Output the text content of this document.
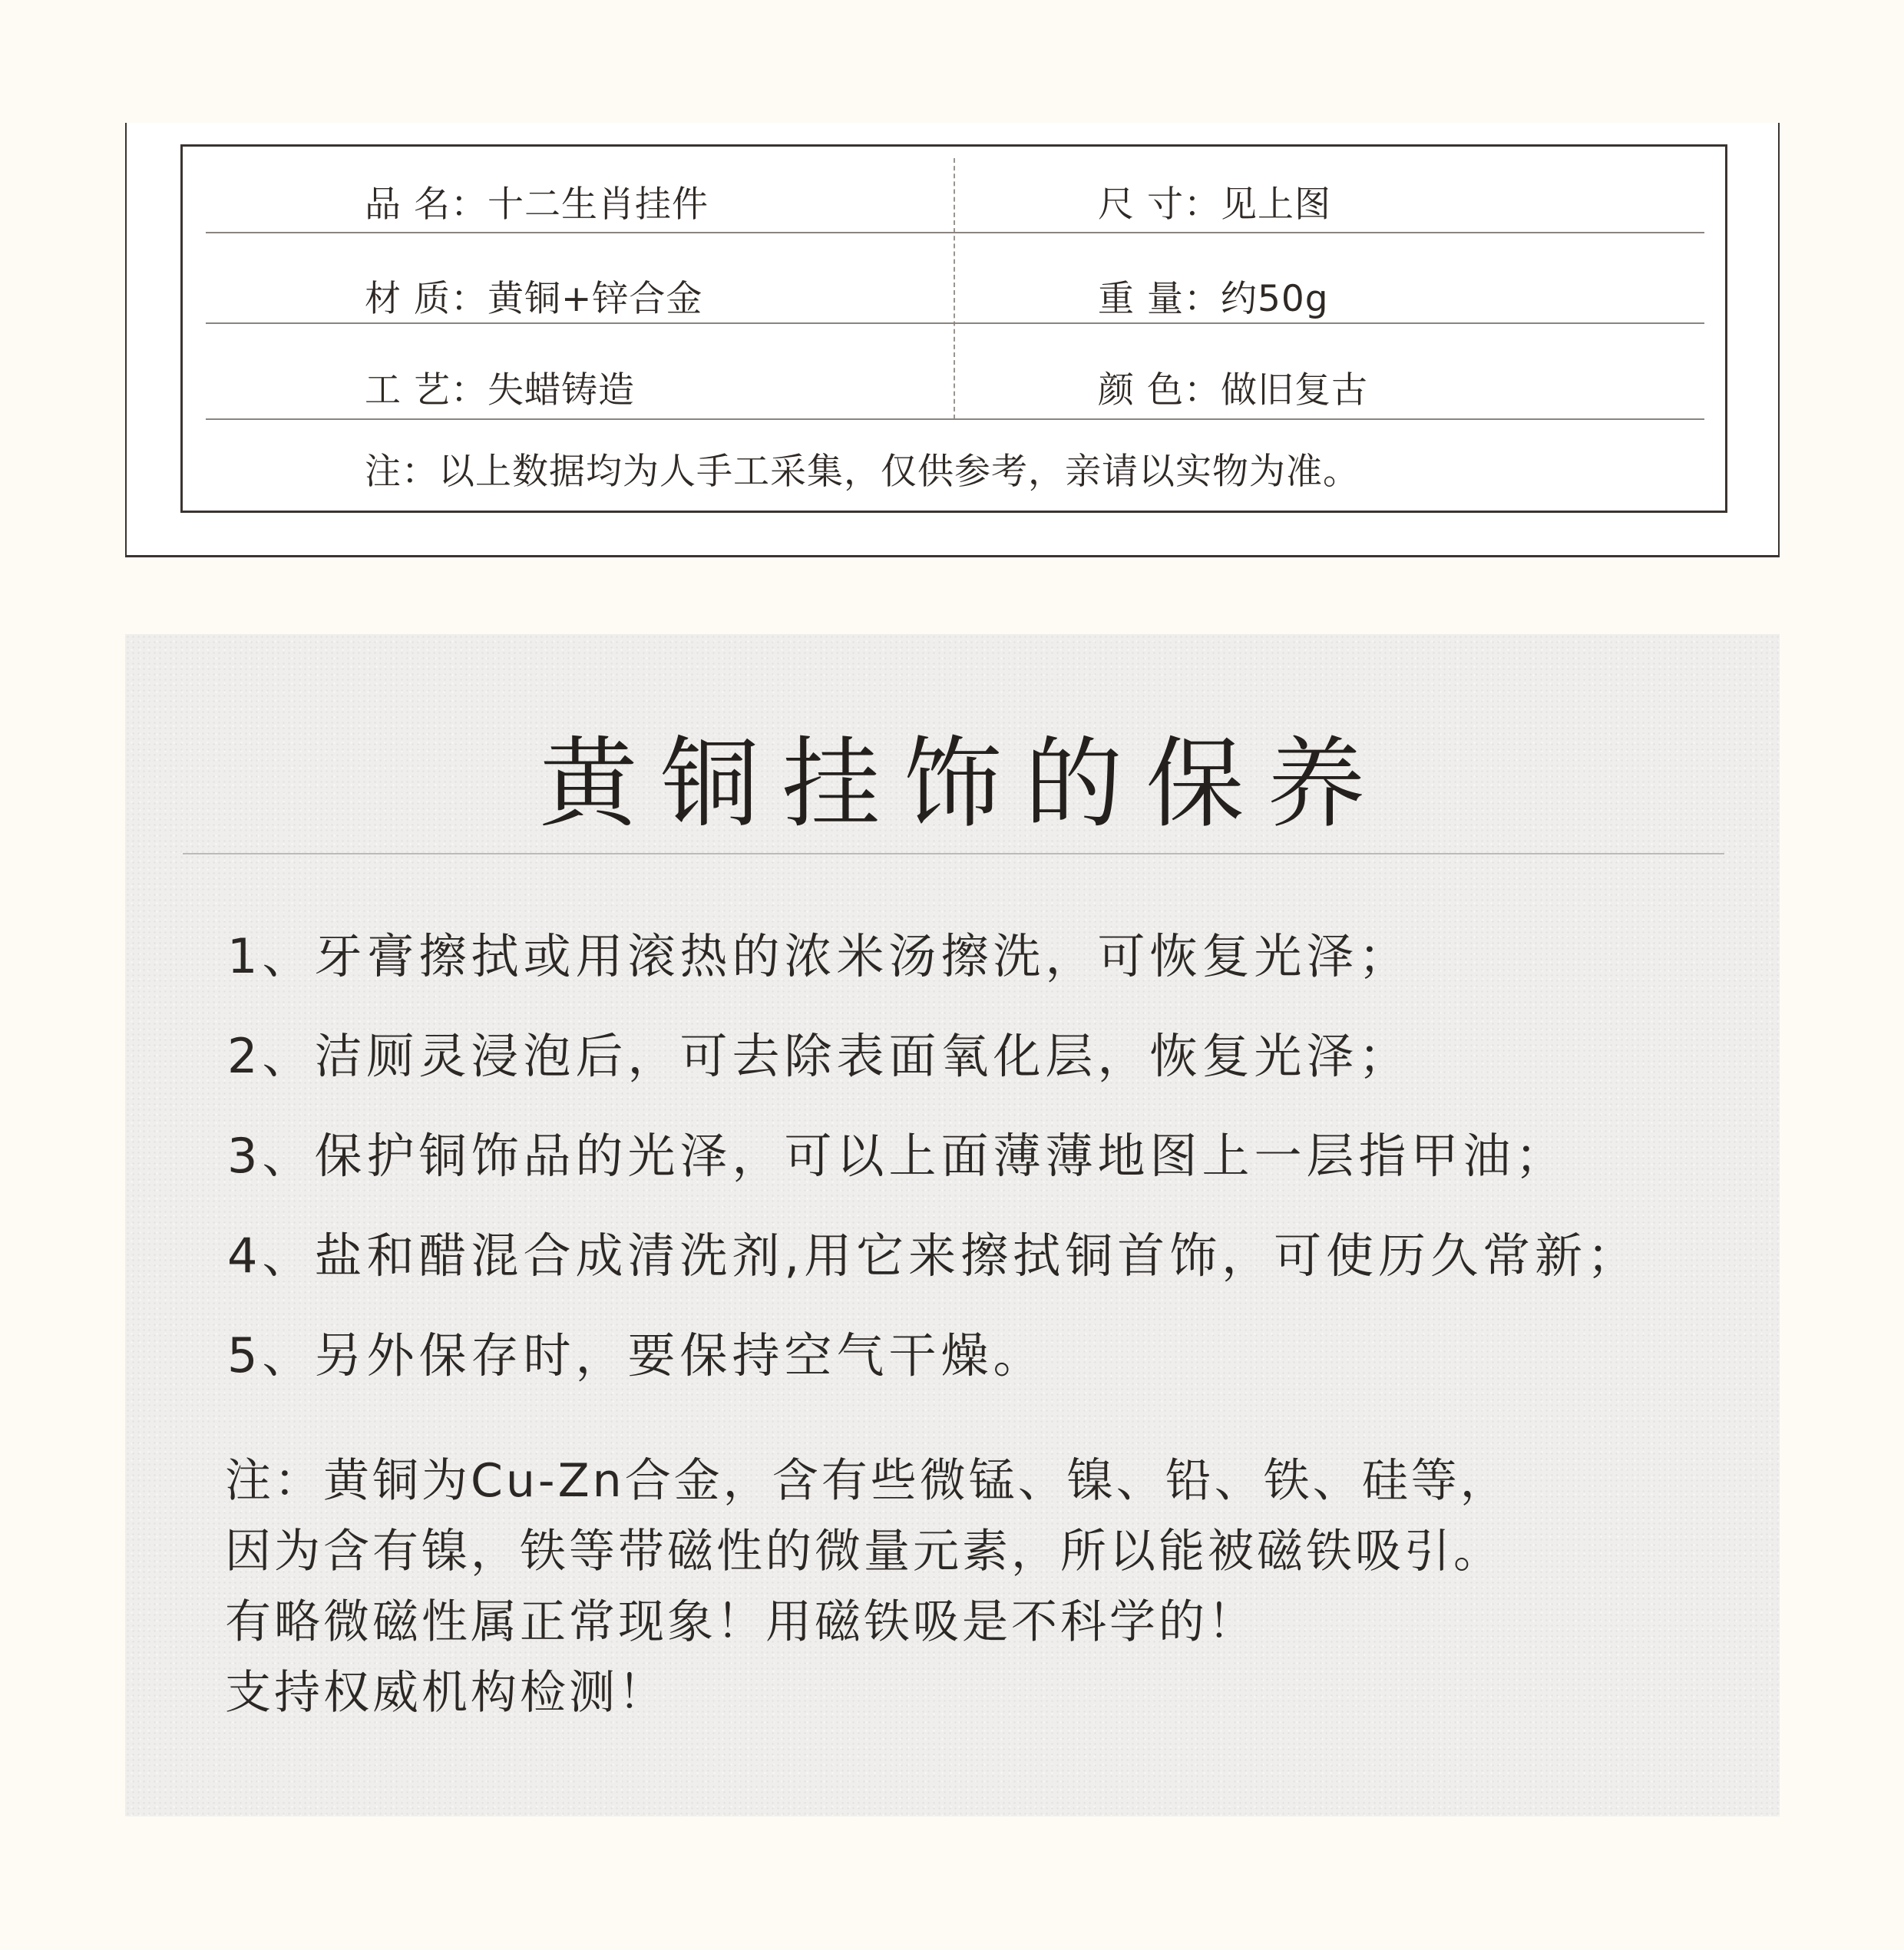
品 名：十二生肖挂件	尺 寸：见上图
材 质：黄铜+锌合金	重 量：约50g
工 艺：失蜡铸造	颜 色：做旧复古
注：以上数据均为人手工采集，仅供参考，亲请以实物为准。
黄铜挂饰的保养
1、牙膏擦拭或用滚热的浓米汤擦洗，可恢复光泽；
2、洁厕灵浸泡后，可去除表面氧化层，恢复光泽；
3、保护铜饰品的光泽，可以上面薄薄地图上一层指甲油；
4、盐和醋混合成清洗剂,用它来擦拭铜首饰，可使历久常新；
5、另外保存时，要保持空气干燥。
注：黄铜为Cu-Zn合金，含有些微锰、镍、铅、铁、硅等，
因为含有镍，铁等带磁性的微量元素，所以能被磁铁吸引。
有略微磁性属正常现象！用磁铁吸是不科学的！
支持权威机构检测！
